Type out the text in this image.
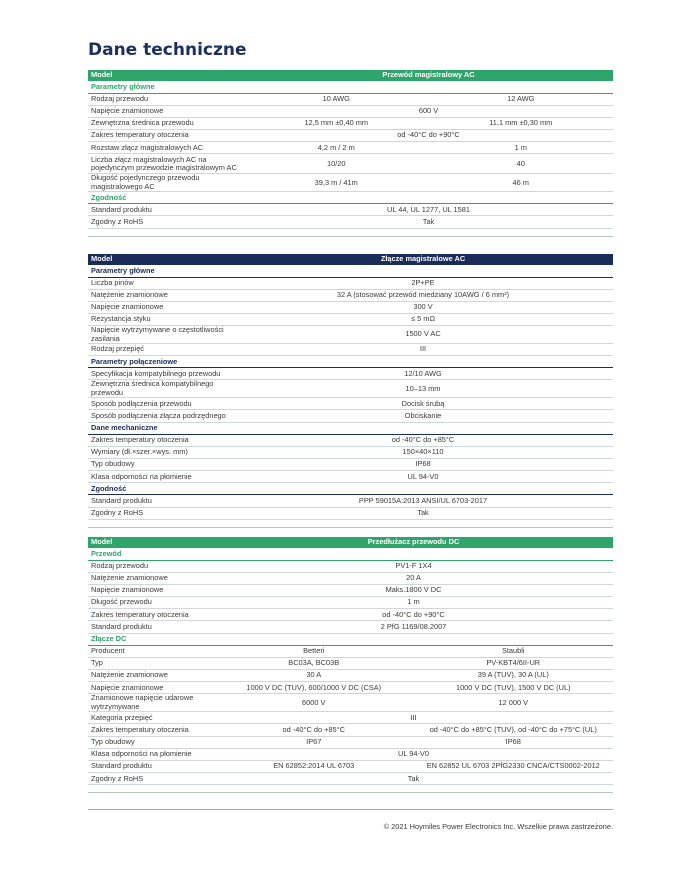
Dane techniczne
Model	Przewód magistralowy AC	
Parametry główne		
Rodzaj przewodu	10 AWG	12 AWG
Napięcie znamionowe	600 V	
Zewnętrzna średnica przewodu	12,5 mm ±0,40 mm	11,1 mm ±0,30 mm
Zakres temperatury otoczenia	od -40°C do +90°C	
Rozstaw złącz magistralowych AC	4,2 m / 2 m	1 m
Liczba złącz magistralowych AC na pojedynczym przewodzie magistralowym AC	10/20	40
Długość pojedynczego przewodu magistralowego AC	39,3 m / 41m	46 m
Zgodność		
Standard produktu	UL 44, UL 1277, UL 1581	
Zgodny z RoHS	Tak	

Model	Złącze magistralowe AC
Parametry główne	
Liczba pinów	2P+PE
Natężenie znamionowe	32 A (stosować przewód miedziany 10AWG / 6 mm²)
Napięcie znamionowe	300 V
Rezystancja styku	≤ 5 mΩ
Napięcie wytrzymywane o częstotliwości zasilania	1500 V AC
Rodzaj przepięć	III
Parametry połączeniowe	
Specyfikacja kompatybilnego przewodu	12/10 AWG
Zewnętrzna średnica kompatybilnego przewodu	10–13 mm
Sposób podłączenia przewodu	Docisk śrubą
Sposób podłączenia złącza podrzędnego	Obciskanie
Dane mechaniczne	
Zakres temperatury otoczenia	od -40°C do +85°C
Wymiary (dł.×szer.×wys. mm)	150×40×110
Typ obudowy	IP68
Klasa odporności na płomienie	UL 94-V0
Zgodność	
Standard produktu	PPP 59015A:2013 ANSI/UL 6703-2017
Zgodny z RoHS	Tak

Model	Przedłużacz przewodu DC	
Przewód		
Rodzaj przewodu	PV1-F 1X4	
Natężenie znamionowe	20 A	
Napięcie znamionowe	Maks.1800 V DC	
Długość przewodu	1 m	
Zakres temperatury otoczenia	od -40°C do +90°C	
Standard produktu	2 PfG 1169/08.2007	
Złącze DC		
Producent	Betteri	Staubli
Typ	BC03A, BC03B	PV-KBT4/6II-UR
Natężenie znamionowe	30 A	39 A (TUV), 30 A (UL)
Napięcie znamionowe	1000 V DC (TUV), 600/1000 V DC (CSA)	1000 V DC (TUV), 1500 V DC (UL)
Znamionowe napięcie udarowe wytrzymywane	6000 V	12 000 V
Kategoria przepięć	III	
Zakres temperatury otoczenia	od -40°C do +85°C	od -40°C do +85°C (TUV), od -40°C do +75°C (UL)
Typ obudowy	IP67	IP68
Klasa odporności na płomienie	UL 94-V0	
Standard produktu	EN 62852:2014 UL 6703	EN 62852 UL 6703 2PfG2330 CNCA/CTS0002-2012
Zgodny z RoHS	Tak	

© 2021 Hoymiles Power Electronics Inc. Wszelkie prawa zastrzeżone.
